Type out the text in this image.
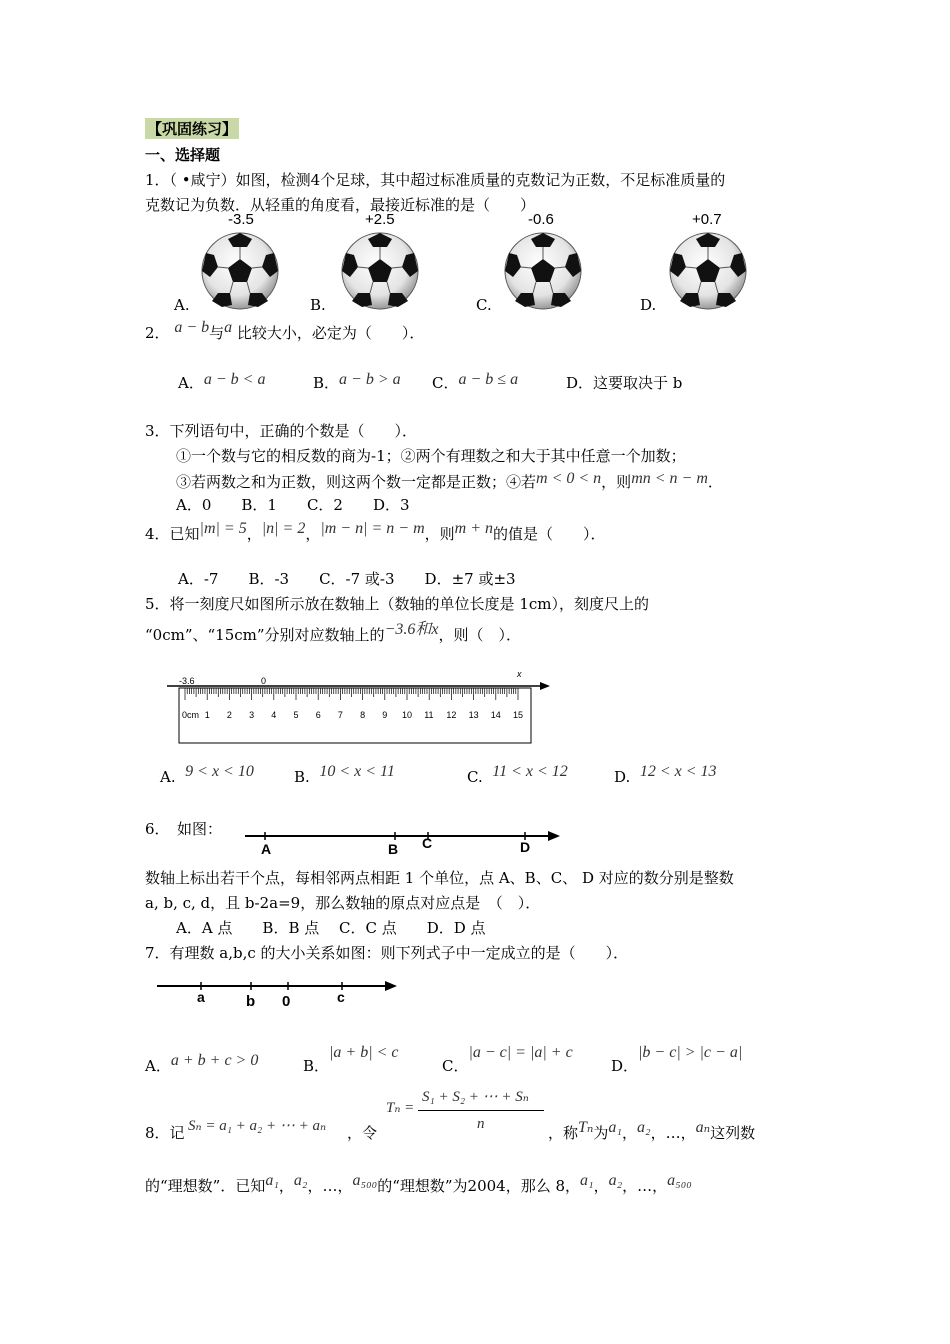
【巩固练习】
一、选择题
1．（ •咸宁）如图，检测4个足球，其中超过标准质量的克数记为正数，不足标准质量的
克数记为负数．从轻重的角度看，最接近标准的是（　　）
-3.5
A.
+2.5
B.
-0.6
C.
+0.7
D.
2． a − b与a 比较大小，必定为（　　）．
A．a − b < a	B．a − b > a C．a − b ≤ a	D．这要取决于 b
3．下列语句中，正确的个数是（　　）．
①一个数与它的相反数的商为-1；②两个有理数之和大于其中任意一个加数；
③若两数之和为正数，则这两个数一定都是正数；④若m < 0 < n，则mn < n − m．
A．0　　B．1　　C．2　　D．3
4．已知|m| = 5，|n| = 2，|m − n| = n − m，则m + n的值是（　　）．
A．-7　　B．-3　　C．-7 或-3　　D．±7 或±3
5．将一刻度尺如图所示放在数轴上（数轴的单位长度是 1cm），刻度尺上的
“0cm”、“15cm”分别对应数轴上的−3.6和x，则（　）．
-3.6	0
x
0cm 1 2 3 4 5 6 7 8 9 10 11 12 13 14 15
A. 9 < x < 10	B. 10 < x < 11	C. 11 < x < 12	D. 12 < x < 13
6．　如图：
A	B C	D
数轴上标出若干个点，每相邻两点相距 1 个单位，点 A、B、C、 D 对应的数分别是整数
a, b, c, d，且 b-2a=9，那么数轴的原点对应点是　（　）．
A．A 点　　B．B 点　 C．C 点　　D．D 点
7．有理数 a,b,c 的大小关系如图：则下列式子中一定成立的是（　　）．
a	b 0	c
A．a + b + c > 0	B．|a + b| < c
C．|a − c| = |a| + c
D．|b − c| > |c − a|
8．记 Sₙ = a₁ + a₂ + ⋯ + aₙ ，令
Tₙ =
S₁ + S₂ + ⋯ + Sₙ
n	，称Tₙ为a₁，a₂，…，aₙ这列数
的“理想数”．已知a₁，a₂，…，a₅₀₀的“理想数”为2004，那么 8，a₁，a₂，…，a₅₀₀
